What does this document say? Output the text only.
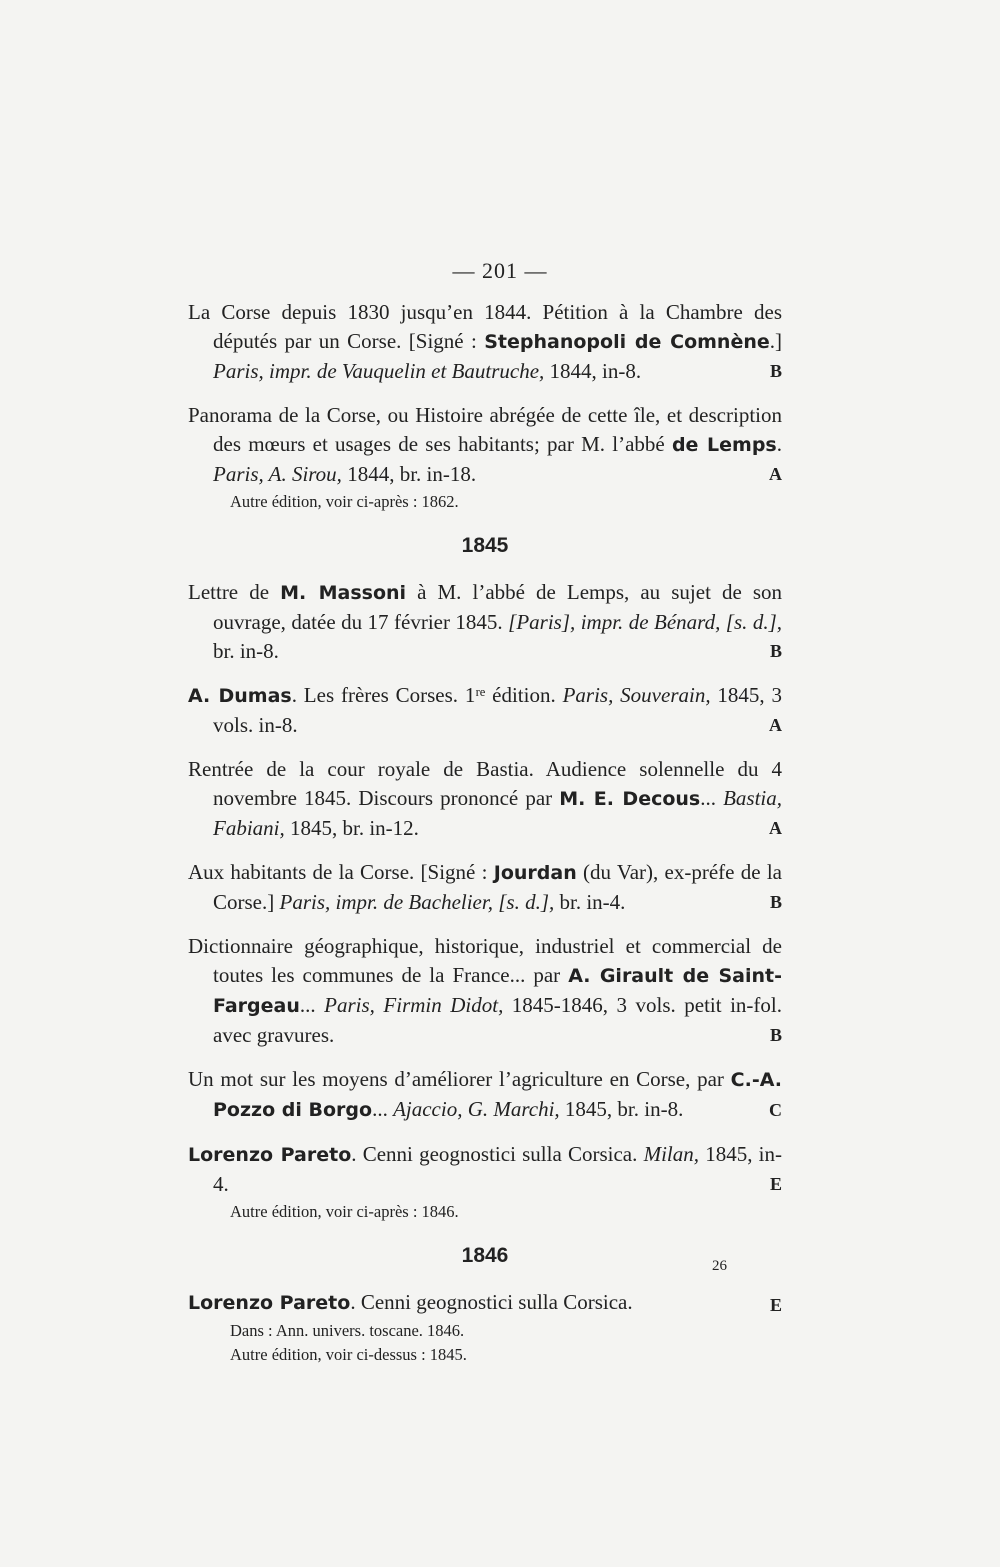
— 201 —

La Corse depuis 1830 jusqu’en 1844. Pétition à la Chambre des députés par un Corse. [Signé : Stephanopoli de Comnène.] Paris, impr. de Vauquelin et Bautruche, 1844, in-8.	B

Panorama de la Corse, ou Histoire abrégée de cette île, et description des mœurs et usages de ses habitants; par M. l’abbé de Lemps. Paris, A. Sirou, 1844, br. in-18.	A
Autre édition, voir ci-après : 1862.
1845

Lettre de M. Massoni à M. l’abbé de Lemps, au sujet de son ouvrage, datée du 17 février 1845. [Paris], impr. de Bénard, [s. d.], br. in-8.	B

A. Dumas. Les frères Corses. 1ʳᵉ édition. Paris, Souverain, 1845, 3 vols. in-8.	A

Rentrée de la cour royale de Bastia. Audience solennelle du 4 novembre 1845. Discours prononcé par M. E. Decous... Bastia, Fabiani, 1845, br. in-12.	A

Aux habitants de la Corse. [Signé : Jourdan (du Var), ex-préfe de la Corse.] Paris, impr. de Bachelier, [s. d.], br. in-4.	B

Dictionnaire géographique, historique, industriel et commercial de toutes les communes de la France... par A. Girault de Saint-Fargeau... Paris, Firmin Didot, 1845-1846, 3 vols. petit in-fol. avec gravures.	B

Un mot sur les moyens d’améliorer l’agriculture en Corse, par C.-A. Pozzo di Borgo... Ajaccio, G. Marchi, 1845, br. in-8.	C

Lorenzo Pareto. Cenni geognostici sulla Corsica. Milan, 1845, in-4.	E
Autre édition, voir ci-après : 1846.
1846

Lorenzo Pareto. Cenni geognostici sulla Corsica.	E
Dans : Ann. univers. toscane. 1846.
Autre édition, voir ci-dessus : 1845.
26
